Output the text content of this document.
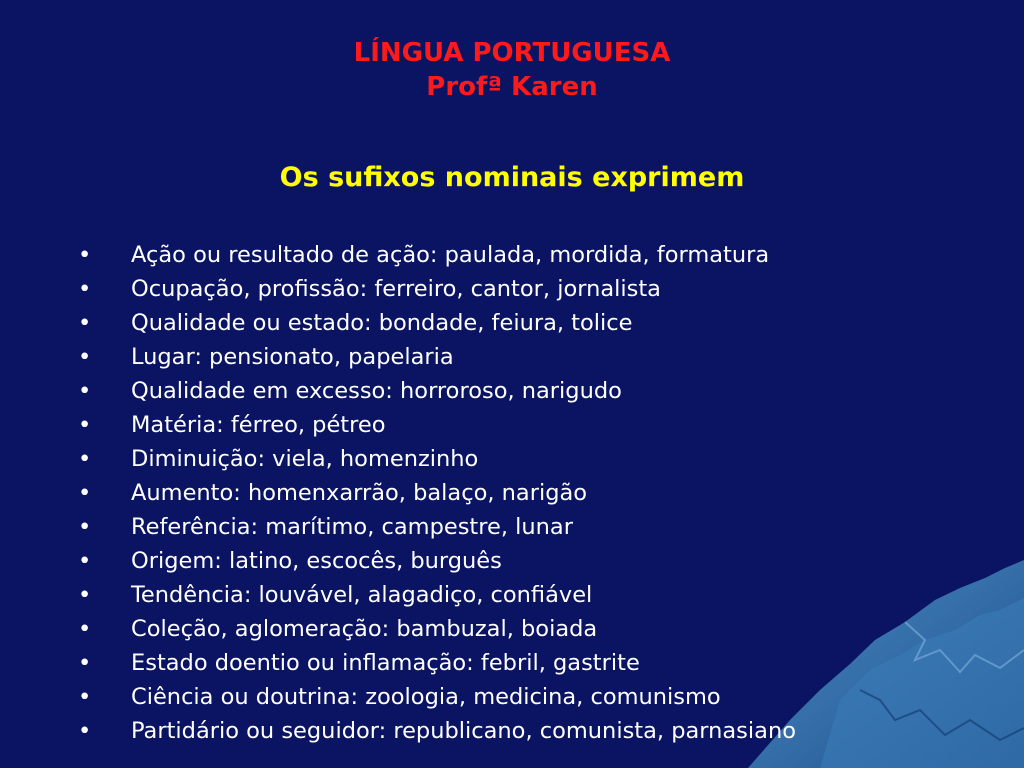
LÍNGUA PORTUGUESA
Profª Karen
Os sufixos nominais exprimem
•	Ação ou resultado de ação: paulada, mordida, formatura
•	Ocupação, profissão: ferreiro, cantor, jornalista
•	Qualidade ou estado: bondade, feiura, tolice
•	Lugar: pensionato, papelaria
•	Qualidade em excesso: horroroso, narigudo
•	Matéria: férreo, pétreo
•	Diminuição: viela, homenzinho
•	Aumento: homenxarrão, balaço, narigão
•	Referência: marítimo, campestre, lunar
•	Origem: latino, escocês, burguês
•	Tendência: louvável, alagadiço, confiável
•	Coleção, aglomeração: bambuzal, boiada
•	Estado doentio ou inflamação: febril, gastrite
•	Ciência ou doutrina: zoologia, medicina, comunismo
•	Partidário ou seguidor: republicano, comunista, parnasiano
